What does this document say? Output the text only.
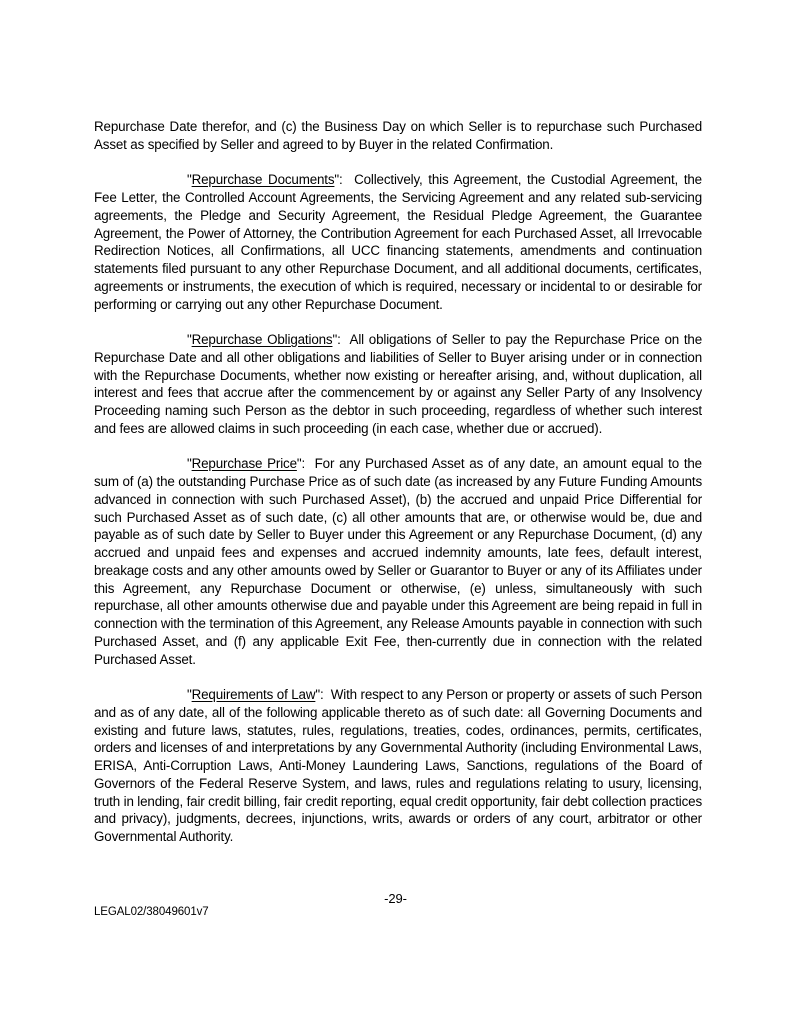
Repurchase Date therefor, and (c) the Business Day on which Seller is to repurchase such Purchased Asset as specified by Seller and agreed to by Buyer in the related Confirmation.

"Repurchase Documents":  Collectively, this Agreement, the Custodial Agreement, the Fee Letter, the Controlled Account Agreements, the Servicing Agreement and any related sub-servicing agreements, the Pledge and Security Agreement, the Residual Pledge Agreement, the Guarantee Agreement, the Power of Attorney, the Contribution Agreement for each Purchased Asset, all Irrevocable Redirection Notices, all Confirmations, all UCC financing statements, amendments and continuation statements filed pursuant to any other Repurchase Document, and all additional documents, certificates, agreements or instruments, the execution of which is required, necessary or incidental to or desirable for performing or carrying out any other Repurchase Document.

"Repurchase Obligations":  All obligations of Seller to pay the Repurchase Price on the Repurchase Date and all other obligations and liabilities of Seller to Buyer arising under or in connection with the Repurchase Documents, whether now existing or hereafter arising, and, without duplication, all interest and fees that accrue after the commencement by or against any Seller Party of any Insolvency Proceeding naming such Person as the debtor in such proceeding, regardless of whether such interest and fees are allowed claims in such proceeding (in each case, whether due or accrued).

"Repurchase Price":  For any Purchased Asset as of any date, an amount equal to the sum of (a) the outstanding Purchase Price as of such date (as increased by any Future Funding Amounts advanced in connection with such Purchased Asset), (b) the accrued and unpaid Price Differential for such Purchased Asset as of such date, (c) all other amounts that are, or otherwise would be, due and payable as of such date by Seller to Buyer under this Agreement or any Repurchase Document, (d) any accrued and unpaid fees and expenses and accrued indemnity amounts, late fees, default interest, breakage costs and any other amounts owed by Seller or Guarantor to Buyer or any of its Affiliates under this Agreement, any Repurchase Document or otherwise, (e) unless, simultaneously with such repurchase, all other amounts otherwise due and payable under this Agreement are being repaid in full in connection with the termination of this Agreement, any Release Amounts payable in connection with such Purchased Asset, and (f) any applicable Exit Fee, then-currently due in connection with the related Purchased Asset.

"Requirements of Law":  With respect to any Person or property or assets of such Person and as of any date, all of the following applicable thereto as of such date: all Governing Documents and existing and future laws, statutes, rules, regulations, treaties, codes, ordinances, permits, certificates, orders and licenses of and interpretations by any Governmental Authority (including Environmental Laws, ERISA, Anti-Corruption Laws, Anti-Money Laundering Laws, Sanctions, regulations of the Board of Governors of the Federal Reserve System, and laws, rules and regulations relating to usury, licensing, truth in lending, fair credit billing, fair credit reporting, equal credit opportunity, fair debt collection practices and privacy), judgments, decrees, injunctions, writs, awards or orders of any court, arbitrator or other Governmental Authority.

-29-
LEGAL02/38049601v7
